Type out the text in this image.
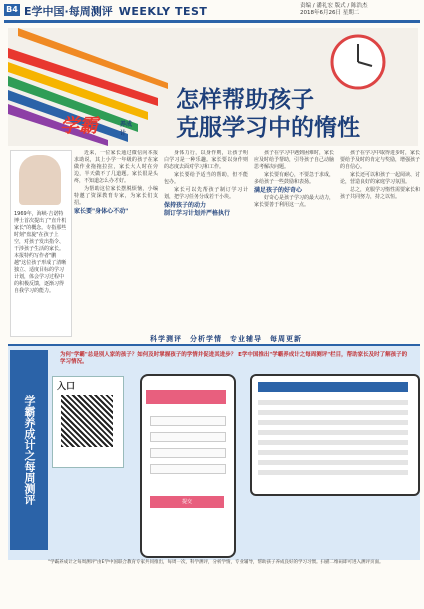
B4 E学中国·每周测评 WEEKLY TEST	责编 / 潘礼宏 版式 / 陈浩杰
2018年6月26日 星期二
怎样帮助孩子
克服学习中的惰性
学霸	养成计
1969年，海峡·吉诺特博士首次提出了"直升机家长"的概念。专指那些时刻"盘旋"在孩子上空，对孩子发出指令、干涉孩子生活的家长。本报特约写作者"鹏越"这位孩子形成了清晰独立、适度目标的学习计划，体会学习过程中的积极反馈，逐渐习得自我学习的能力。

近来，一位家长通过微信向本报求助说，其上小学一年级的孩子在家做作业拖拖拉拉，家长大人时在旁边，半天做不了几道题。家长很是头疼，不知道怎么办才好。

为帮助这位家长摆脱烦恼，小编特邀了资深教育专家，为家长们支招。

家长要"身体心不动"

身体力行，以身作则，让孩子明白学习是一种乐趣。家长要以身作则的态度去面对学习和工作。

家长要给予适当的帮助，但不能包办。

家长可以先帮孩子制订学习计划，把学习任务分成若干小块。

保持孩子的动力

制订学习计划并严格执行

孩子在学习中遇到困难时，家长应及时给予帮助，引导孩子自己动脑思考解决问题。

家长要有耐心，不要急于求成，多给孩子一些鼓励和表扬。

满足孩子的好奇心

好奇心是孩子学习的最大动力，家长要善于利用这一点。

孩子在学习中取得进步时，家长要给予及时的肯定与奖励，增强孩子的自信心。

家长还可以和孩子一起阅读、讨论，营造良好的家庭学习氛围。

总之，克服学习惰性需要家长和孩子共同努力，持之以恒。

科学测评　分析学情　专业辅导　每周更新
学霸养成计之每周测评
为何"学霸"总是别人家的孩子？如何及时掌握孩子的学情并促进其进步？ E学中国推出"学霸养成计之每周测评"栏目，帮助家长及时了解孩子的学习情况。
入口
提交
"学霸养成计之每周测评"由E学中国联合教育专家共同推出，每周一次，科学测评，分析学情，专业辅导，帮助孩子养成良好的学习习惯。扫描二维码即可进入测评页面。
